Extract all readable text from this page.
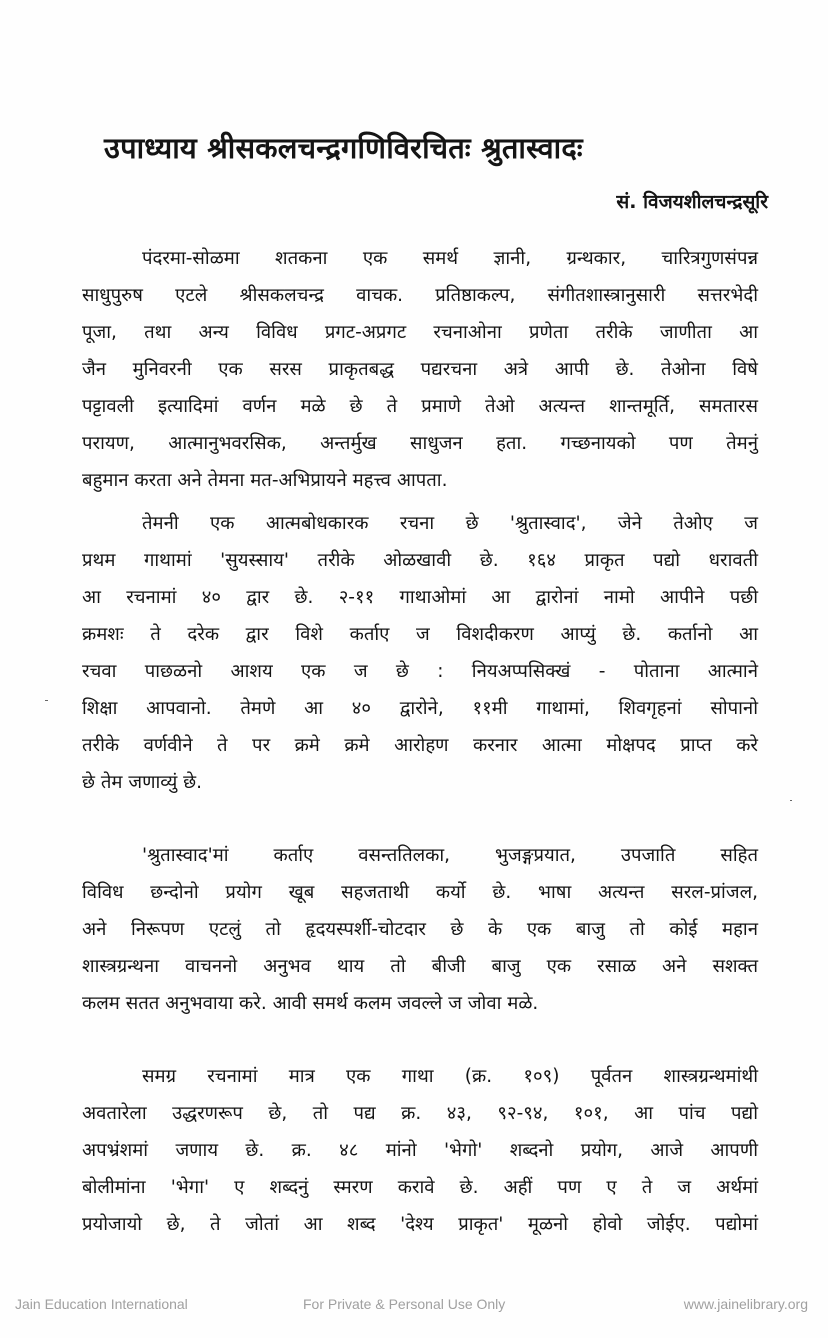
उपाध्याय श्रीसकलचन्द्रगणिविरचितः श्रुतास्वादः
सं. विजयशीलचन्द्रसूरि

पंदरमा-सोळमा शतकना एक समर्थ ज्ञानी, ग्रन्थकार, चारित्रगुणसंपन्न
साधुपुरुष एटले श्रीसकलचन्द्र वाचक. प्रतिष्ठाकल्प, संगीतशास्त्रानुसारी सत्तरभेदी
पूजा, तथा अन्य विविध प्रगट-अप्रगट रचनाओना प्रणेता तरीके जाणीता आ
जैन मुनिवरनी एक सरस प्राकृतबद्ध पद्यरचना अत्रे आपी छे. तेओना विषे
पट्टावली इत्यादिमां वर्णन मळे छे ते प्रमाणे तेओ अत्यन्त शान्तमूर्ति, समतारस
परायण, आत्मानुभवरसिक, अन्तर्मुख साधुजन हता. गच्छनायको पण तेमनुं
बहुमान करता अने तेमना मत-अभिप्रायने महत्त्व आपता.

तेमनी एक आत्मबोधकारक रचना छे 'श्रुतास्वाद', जेने तेओए ज
प्रथम गाथामां 'सुयस्साय' तरीके ओळखावी छे. १६४ प्राकृत पद्यो धरावती
आ रचनामां ४० द्वार छे. २-११ गाथाओमां आ द्वारोनां नामो आपीने पछी
क्रमशः ते दरेक द्वार विशे कर्ताए ज विशदीकरण आप्युं छे. कर्तानो आ
रचवा पाछळनो आशय एक ज छे : नियअप्पसिक्खं - पोताना आत्माने
शिक्षा आपवानो. तेमणे आ ४० द्वारोने, ११मी गाथामां, शिवगृहनां सोपानो
तरीके वर्णवीने ते पर क्रमे क्रमे आरोहण करनार आत्मा मोक्षपद प्राप्त करे
छे तेम जणाव्युं छे.

'श्रुतास्वाद'मां कर्ताए वसन्ततिलका, भुजङ्गप्रयात, उपजाति सहित
विविध छन्दोनो प्रयोग खूब सहजताथी कर्यो छे. भाषा अत्यन्त सरल-प्रांजल,
अने निरूपण एटलुं तो हृदयस्पर्शी-चोटदार छे के एक बाजु तो कोई महान
शास्त्रग्रन्थना वाचननो अनुभव थाय तो बीजी बाजु एक रसाळ अने सशक्त
कलम सतत अनुभवाया करे. आवी समर्थ कलम जवल्ले ज जोवा मळे.

समग्र रचनामां मात्र एक गाथा (क्र. १०९) पूर्वतन शास्त्रग्रन्थमांथी
अवतारेला उद्धरणरूप छे, तो पद्य क्र. ४३, ९२-९४, १०१, आ पांच पद्यो
अपभ्रंशमां जणाय छे. क्र. ४८ मांनो 'भेगो' शब्दनो प्रयोग, आजे आपणी
बोलीमांना 'भेगा' ए शब्दनुं स्मरण करावे छे. अहीं पण ए ते ज अर्थमां
प्रयोजायो छे, ते जोतां आ शब्द 'देश्य प्राकृत' मूळनो होवो जोईए. पद्योमां

Jain Education International	For Private & Personal Use Only	www.jainelibrary.org
